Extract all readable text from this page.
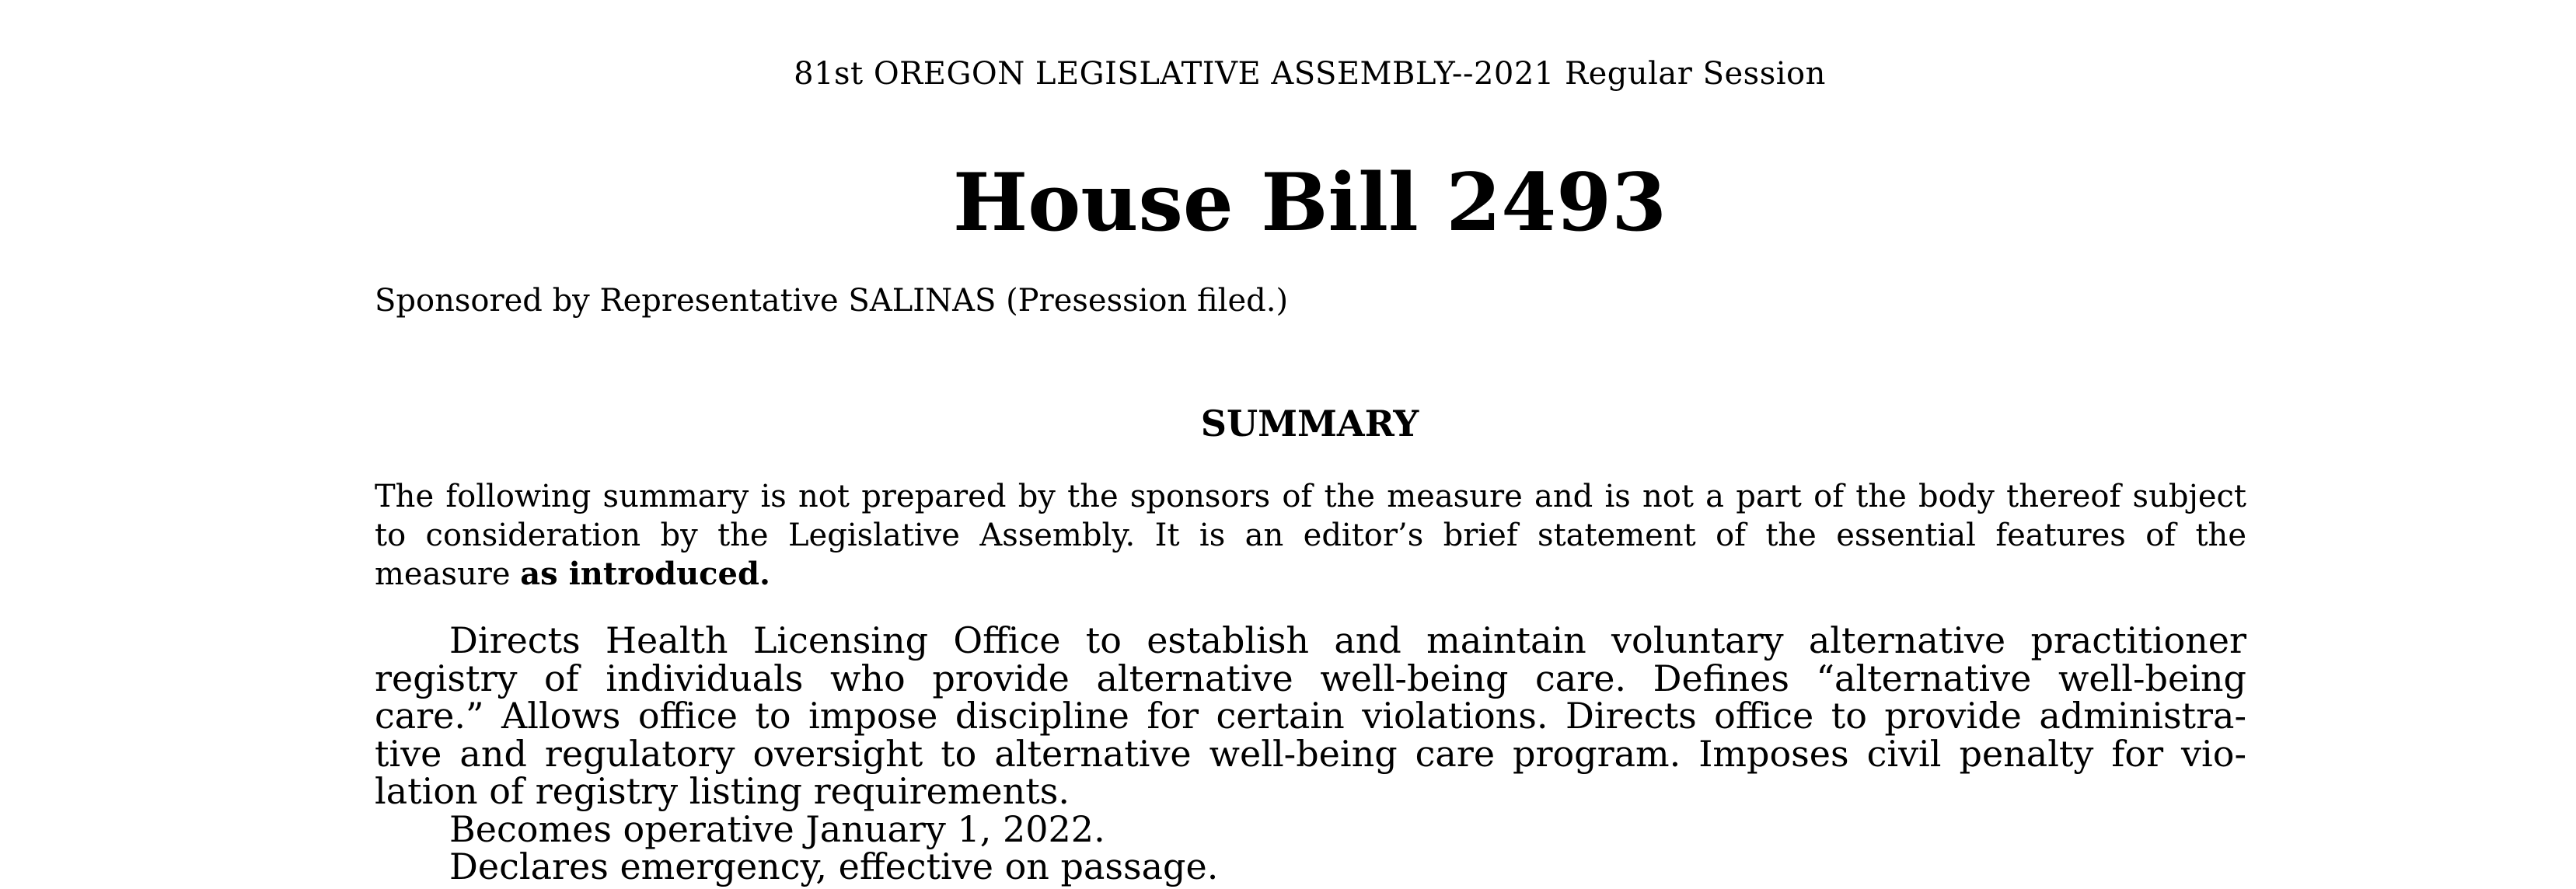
81st OREGON LEGISLATIVE ASSEMBLY--2021 Regular Session
House Bill 2493
Sponsored by Representative SALINAS (Presession filed.)
SUMMARY
The following summary is not prepared by the sponsors of the measure and is not a part of the body thereof subject
to consideration by the Legislative Assembly. It is an editor’s brief statement of the essential features of the
measure as introduced.
Directs Health Licensing Office to establish and maintain voluntary alternative practitioner
registry of individuals who provide alternative well-being care. Defines “alternative well-being
care.” Allows office to impose discipline for certain violations. Directs office to provide administra-
tive and regulatory oversight to alternative well-being care program. Imposes civil penalty for vio-
lation of registry listing requirements.
Becomes operative January 1, 2022.
Declares emergency, effective on passage.
